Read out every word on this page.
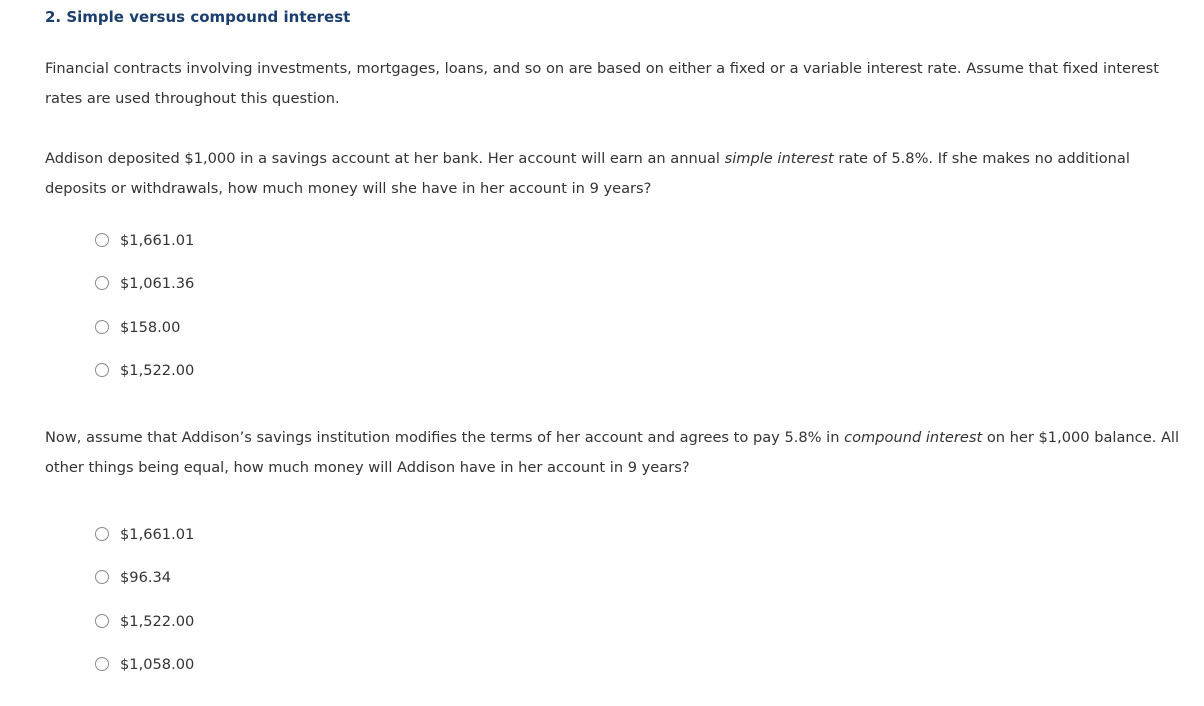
2. Simple versus compound interest
Financial contracts involving investments, mortgages, loans, and so on are based on either a fixed or a variable interest rate. Assume that fixed interest rates are used throughout this question.
Addison deposited $1,000 in a savings account at her bank. Her account will earn an annual simple interest rate of 5.8%. If she makes no additional deposits or withdrawals, how much money will she have in her account in 9 years?
$1,661.01
$1,061.36
$158.00
$1,522.00
Now, assume that Addison’s savings institution modifies the terms of her account and agrees to pay 5.8% in compound interest on her $1,000 balance. All other things being equal, how much money will Addison have in her account in 9 years?
$1,661.01
$96.34
$1,522.00
$1,058.00
